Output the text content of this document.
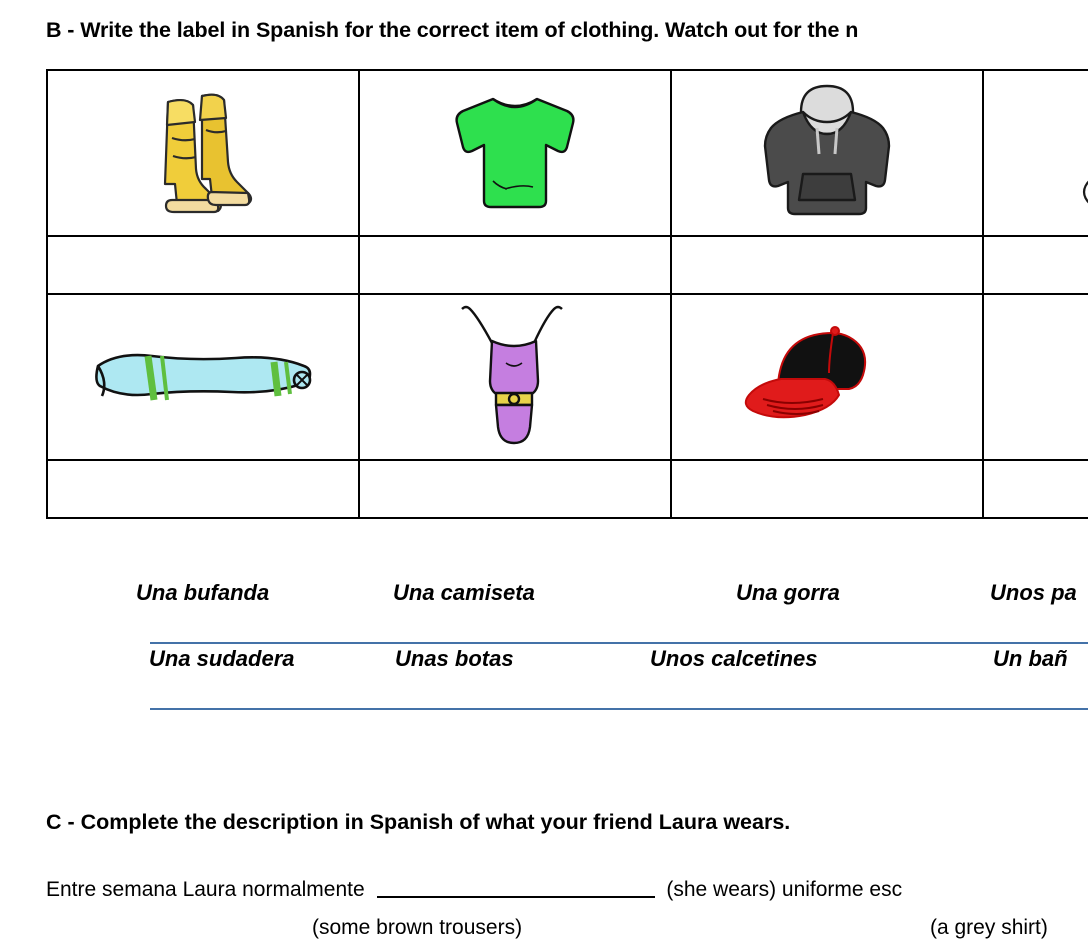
B - Write the label in Spanish for the correct item of clothing. Watch out for the n

Una bufanda	Una camiseta	Una gorra	Unos pa
Una sudadera	Unas botas	Unos calcetines	Un bañ
C - Complete the description in Spanish of what your friend Laura wears.
Entre semana Laura normalmente	(she wears) uniforme esc
(some brown trousers)	(a grey shirt)
